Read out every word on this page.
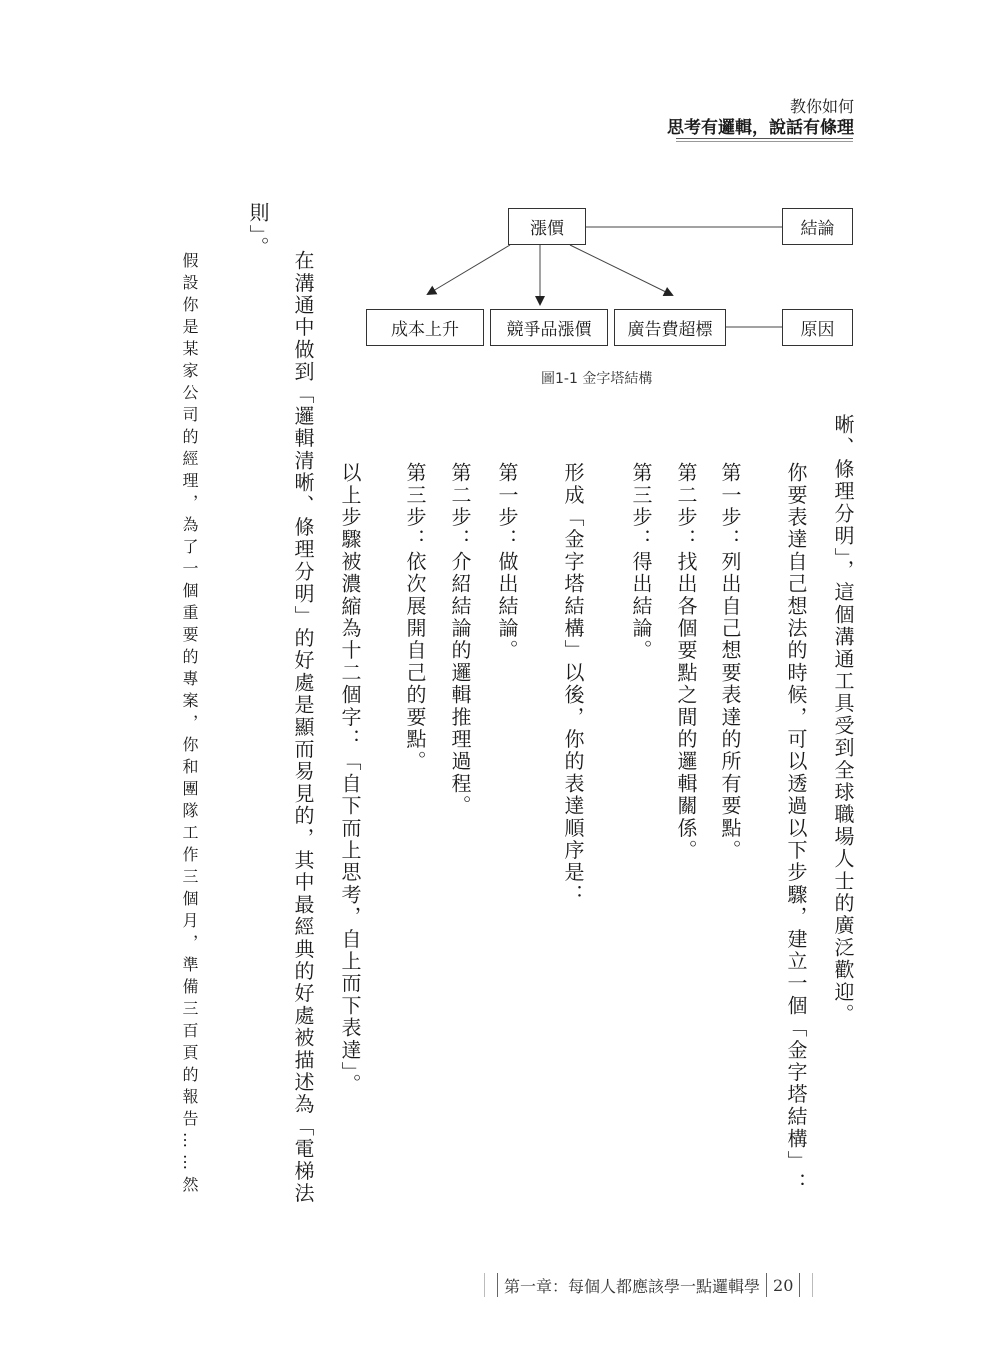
教你如何
思考有邏輯，說話有條理
漲價	結論
成本上升	競爭品漲價	廣告費超標	原因
圖1-1 金字塔結構
晰、條理分明」，這個溝通工具受到全球職場人士的廣泛歡迎。
你要表達自己想法的時候，可以透過以下步驟，建立一個「金字塔結構」：
第一步：列出自己想要表達的所有要點。
第二步：找出各個要點之間的邏輯關係。
第三步：得出結論。
形成「金字塔結構」以後，你的表達順序是：
第一步：做出結論。
第二步：介紹結論的邏輯推理過程。
第三步：依次展開自己的要點。
以上步驟被濃縮為十二個字：「自下而上思考，自上而下表達」。
在溝通中做到「邏輯清晰、條理分明」的好處是顯而易見的，其中最經典的好處被描述為「電梯法
則」。
假設你是某家公司的經理，為了一個重要的專案，你和團隊工作三個月，準備三百頁的報告……然
第一章：每個人都應該學一點邏輯學 20
